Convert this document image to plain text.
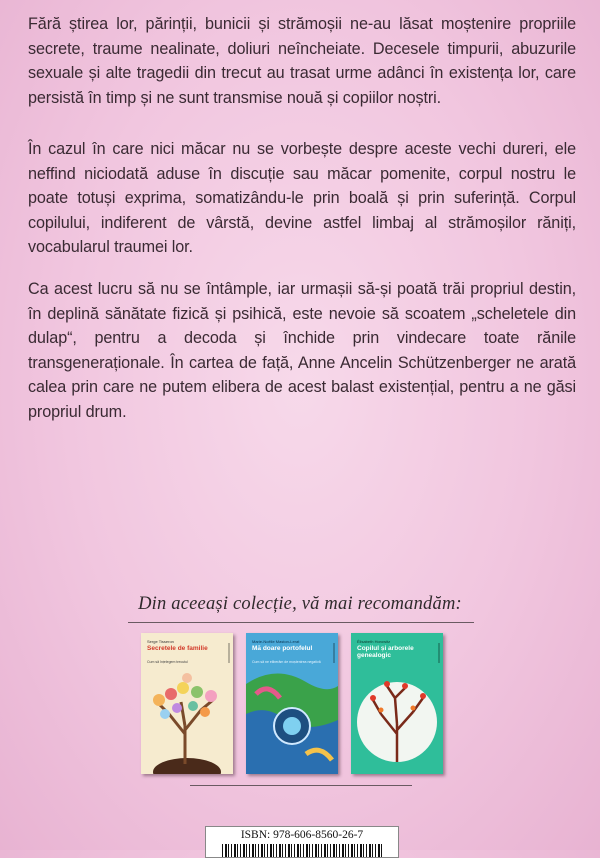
Fără știrea lor, părinții, bunicii și strămoșii ne-au lăsat moștenire propriile secrete, traume nealinate, doliuri neîncheiate. Decesele timpurii, abuzurile sexuale și alte tragedii din trecut au trasat urme adânci în existența lor, care persistă în timp și ne sunt transmise nouă și copiilor noștri.
În cazul în care nici măcar nu se vorbește despre aceste vechi dureri, ele neffind niciodată aduse în discuție sau măcar pomenite, corpul nostru le poate totuși exprima, somatizându-le prin boală și prin suferință. Corpul copilului, indiferent de vârstă, devine astfel limbaj al strămoșilor răniți, vocabularul traumei lor.
Ca acest lucru să nu se întâmple, iar urmașii să-și poată trăi propriul destin, în deplină sănătate fizică și psihică, este nevoie să scoatem „scheletele din dulap“, pentru a decoda și închide prin vindecare toate rănile transgeneraționale. În cartea de față, Anne Ancelin Schützenberger ne arată calea prin care ne putem elibera de acest balast existențial, pentru a ne găsi propriul drum.
Din aceeași colecție, vă mai recomandăm:
Serge Tisseron
Secretele de familie
Cum să înțelegem trecutul
Marie-Noëlle Maston-Lerat
Mă doare portofelul
Cum să ne eliberăm de moștenirea negativă
Élisabeth Horowitz
Copilul și arborele genealogic
ISBN: 978-606-8560-26-7
